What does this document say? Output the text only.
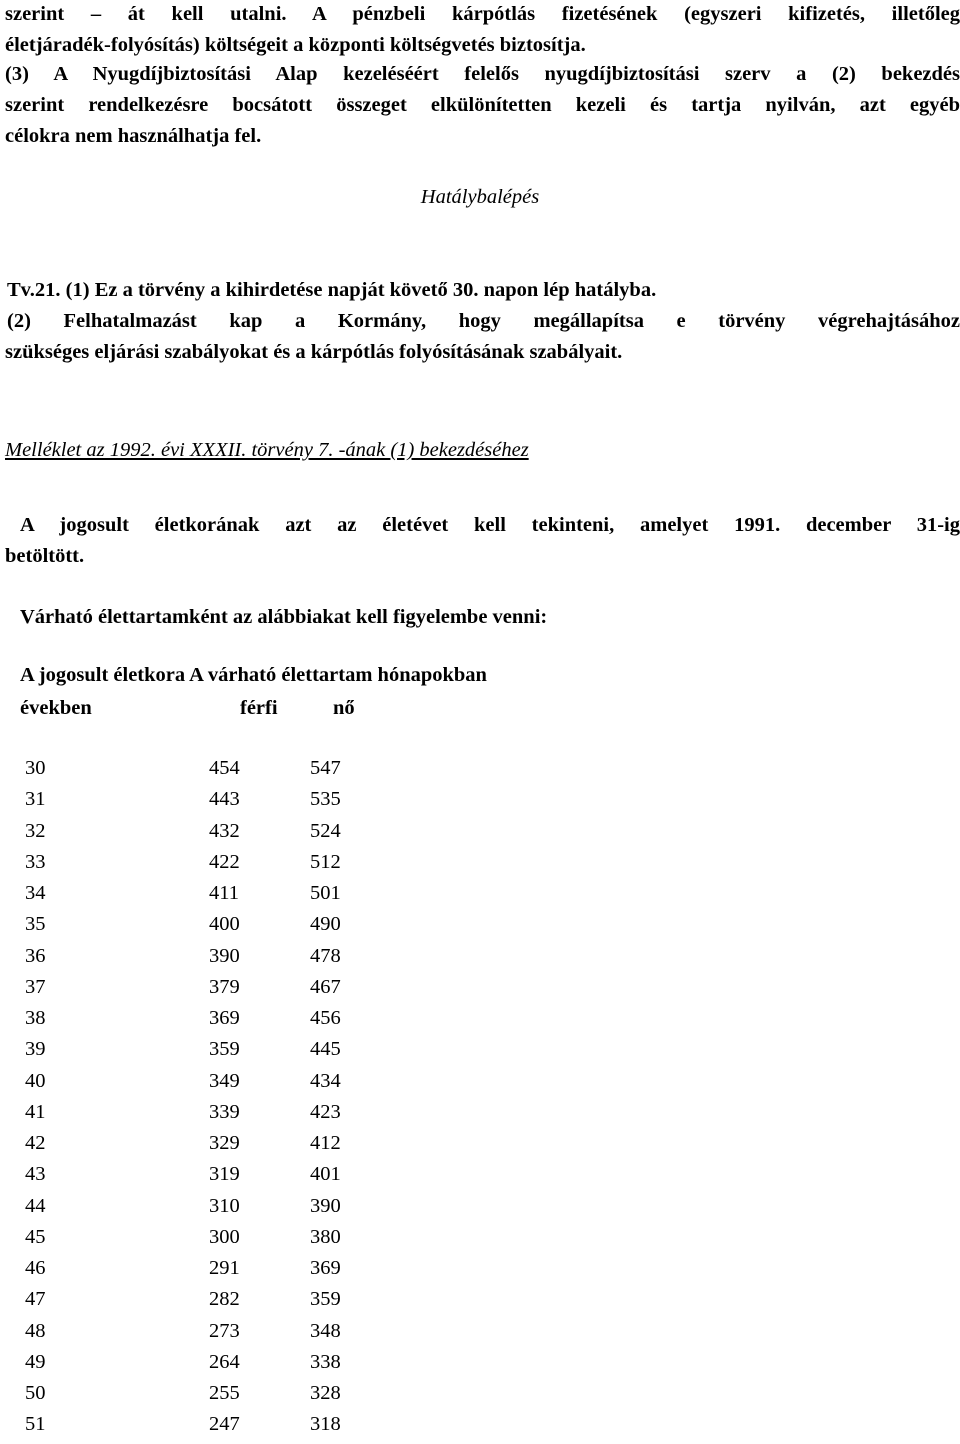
szerint – át kell utalni. A pénzbeli kárpótlás fizetésének (egyszeri kifizetés, illetőleg
életjáradék-folyósítás) költségeit a központi költségvetés biztosítja.
(3) A Nyugdíjbiztosítási Alap kezeléséért felelős nyugdíjbiztosítási szerv a (2) bekezdés
szerint rendelkezésre bocsátott összeget elkülönítetten kezeli és tartja nyilván, azt egyéb
célokra nem használhatja fel.
Hatálybalépés
Tv.21. (1) Ez a törvény a kihirdetése napját követő 30. napon lép hatályba.
(2) Felhatalmazást kap a Kormány, hogy megállapítsa e törvény végrehajtásához
szükséges eljárási szabályokat és a kárpótlás folyósításának szabályait.
Melléklet az 1992. évi XXXII. törvény 7. -ának (1) bekezdéséhez
A jogosult életkorának azt az életévet kell tekinteni, amelyet 1991. december 31-ig
betöltött.
Várható élettartamként az alábbiakat kell figyelembe venni:
A jogosult életkora A várható élettartam hónapokban
években	férfi	nő
30	454	547
31	443	535
32	432	524
33	422	512
34	411	501
35	400	490
36	390	478
37	379	467
38	369	456
39	359	445
40	349	434
41	339	423
42	329	412
43	319	401
44	310	390
45	300	380
46	291	369
47	282	359
48	273	348
49	264	338
50	255	328
51	247	318
